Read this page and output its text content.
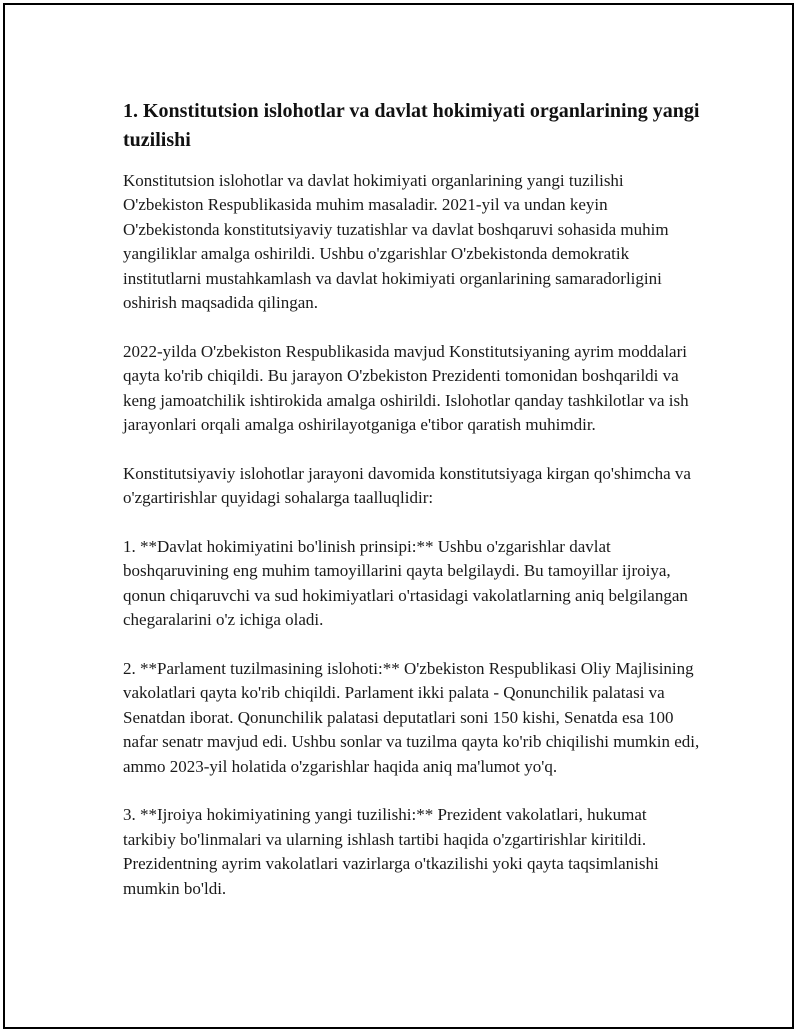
1. Konstitutsion islohotlar va davlat hokimiyati organlarining yangi tuzilishi

Konstitutsion islohotlar va davlat hokimiyati organlarining yangi tuzilishi O'zbekiston Respublikasida muhim masaladir. 2021-yil va undan keyin O'zbekistonda konstitutsiyaviy tuzatishlar va davlat boshqaruvi sohasida muhim yangiliklar amalga oshirildi. Ushbu o'zgarishlar O'zbekistonda demokratik institutlarni mustahkamlash va davlat hokimiyati organlarining samaradorligini oshirish maqsadida qilingan.

2022-yilda O'zbekiston Respublikasida mavjud Konstitutsiyaning ayrim moddalari qayta ko'rib chiqildi. Bu jarayon O'zbekiston Prezidenti tomonidan boshqarildi va keng jamoatchilik ishtirokida amalga oshirildi. Islohotlar qanday tashkilotlar va ish jarayonlari orqali amalga oshirilayotganiga e'tibor qaratish muhimdir.

Konstitutsiyaviy islohotlar jarayoni davomida konstitutsiyaga kirgan qo'shimcha va o'zgartirishlar quyidagi sohalarga taalluqlidir:

1. **Davlat hokimiyatini bo'linish prinsipi:** Ushbu o'zgarishlar davlat boshqaruvining eng muhim tamoyillarini qayta belgilaydi. Bu tamoyillar ijroiya, qonun chiqaruvchi va sud hokimiyatlari o'rtasidagi vakolatlarning aniq belgilangan chegaralarini o'z ichiga oladi.

2. **Parlament tuzilmasining islohoti:** O'zbekiston Respublikasi Oliy Majlisining vakolatlari qayta ko'rib chiqildi. Parlament ikki palata - Qonunchilik palatasi va Senatdan iborat. Qonunchilik palatasi deputatlari soni 150 kishi, Senatda esa 100 nafar senatr mavjud edi. Ushbu sonlar va tuzilma qayta ko'rib chiqilishi mumkin edi, ammo 2023-yil holatida o'zgarishlar haqida aniq ma'lumot yo'q.

3. **Ijroiya hokimiyatining yangi tuzilishi:** Prezident vakolatlari, hukumat tarkibiy bo'linmalari va ularning ishlash tartibi haqida o'zgartirishlar kiritildi. Prezidentning ayrim vakolatlari vazirlarga o'tkazilishi yoki qayta taqsimlanishi mumkin bo'ldi.
